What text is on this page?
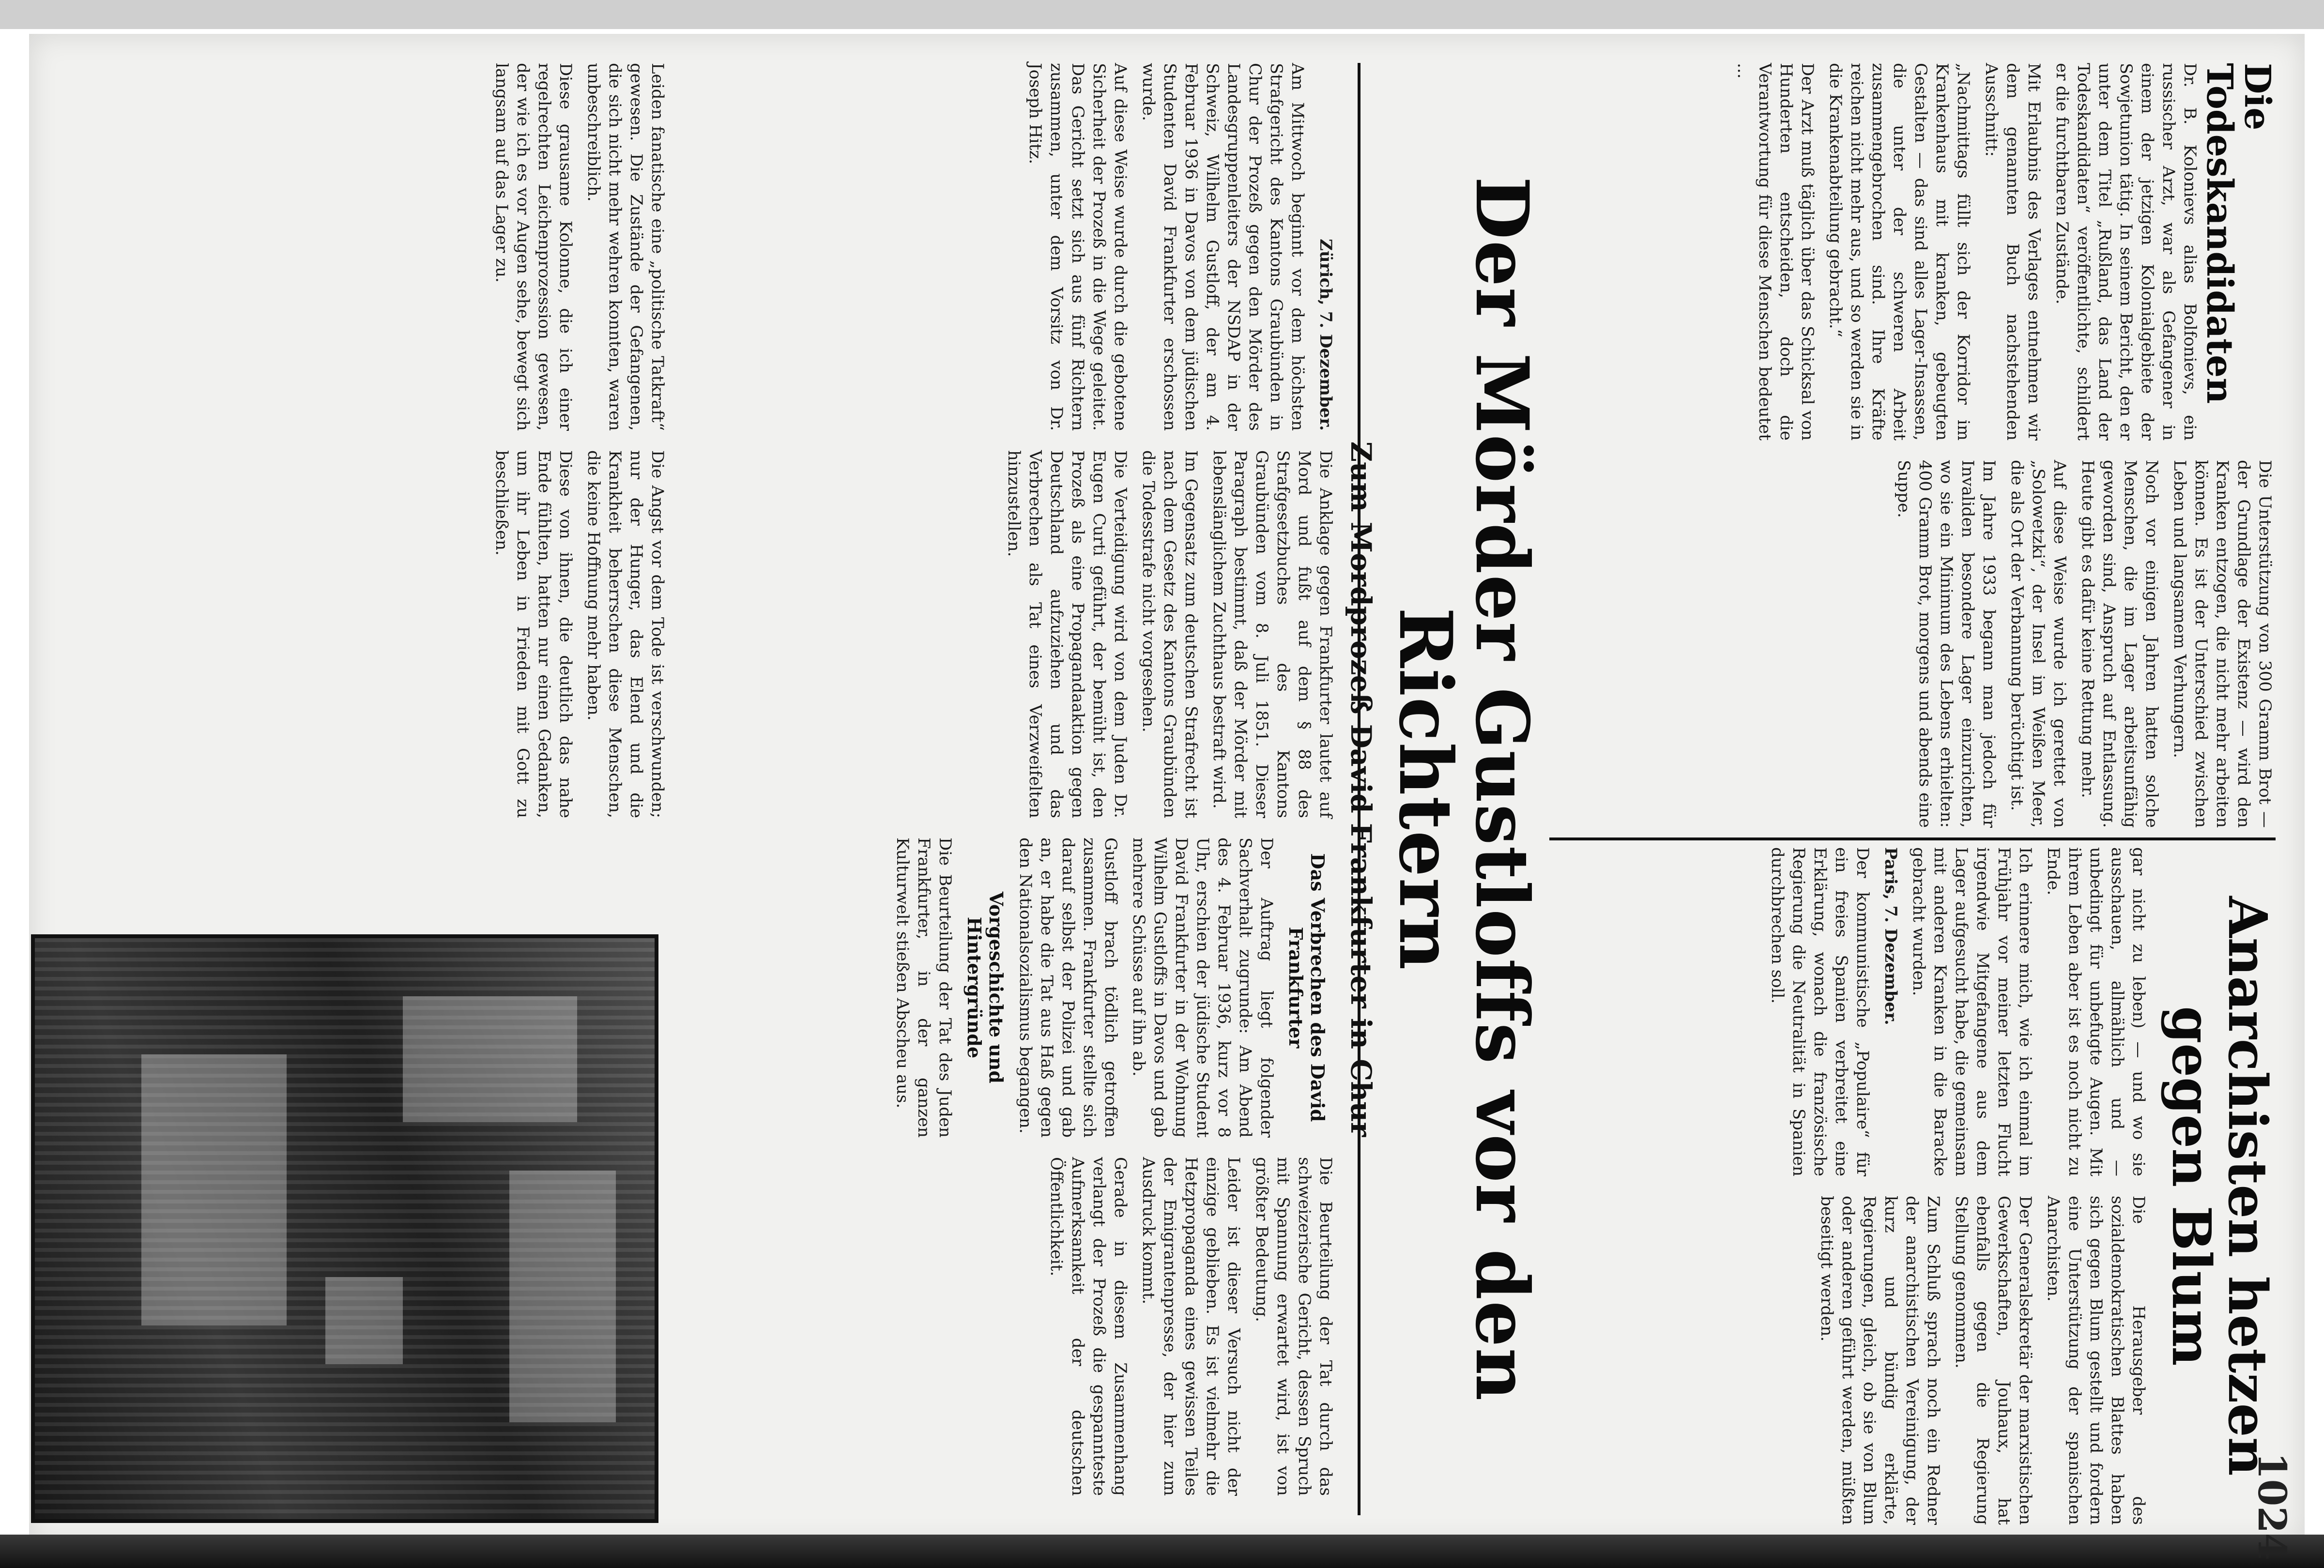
1024
Die Todeskandidaten

Dr. B. Kolonievs alias Bolfonievs, ein russischer Arzt, war als Gefangener in einem der jetzigen Kolonialgebiete der Sowjetunion tätig. In seinem Bericht, den er unter dem Titel „Rußland, das Land der Todeskandidaten“ veröffentlichte, schildert er die furchtbaren Zustände.

Mit Erlaubnis des Verlages entnehmen wir dem genannten Buch nachstehenden Ausschnitt:

„Nachmittags füllt sich der Korridor im Krankenhaus mit kranken, gebeugten Gestalten — das sind alles Lager-Insassen, die unter der schweren Arbeit zusammengebrochen sind. Ihre Kräfte reichen nicht mehr aus, und so werden sie in die Krankenabteilung gebracht.“

Der Arzt muß täglich über das Schicksal von Hunderten entscheiden, doch die Verantwortung für diese Menschen bedeutet ...

Die Unterstützung von 300 Gramm Brot — der Grundlage der Existenz — wird den Kranken entzogen, die nicht mehr arbeiten können. Es ist der Unterschied zwischen Leben und langsamem Verhungern.

Noch vor einigen Jahren hatten solche Menschen, die im Lager arbeitsunfähig geworden sind, Anspruch auf Entlassung. Heute gibt es dafür keine Rettung mehr.

Auf diese Weise wurde ich gerettet von „Solowetzki“, der Insel im Weißen Meer, die als Ort der Verbannung berüchtigt ist.

Im Jahre 1933 begann man jedoch für Invaliden besondere Lager einzurichten, wo sie ein Minimum des Lebens erhielten: 400 Gramm Brot, morgens und abends eine Suppe.

Anarchisten hetzen gegen Blum

gar nicht zu leben) — und wo sie ausschauen, allmählich und — unbedingt für unbefugte Augen. Mit ihrem Leben aber ist es noch nicht zu Ende.

Ich erinnere mich, wie ich einmal im Frühjahr vor meiner letzten Flucht irgendwie Mitgefangene aus dem Lager aufgesucht habe, die gemeinsam mit anderen Kranken in die Baracke gebracht wurden.

Paris, 7. Dezember.

Der kommunistische „Populaire“ für ein freies Spanien verbreitet eine Erklärung, wonach die französische Regierung die Neutralität in Spanien durchbrechen soll.

Die Herausgeber des sozialdemokratischen Blattes haben sich gegen Blum gestellt und fordern eine Unterstützung der spanischen Anarchisten.

Der Generalsekretär der marxistischen Gewerkschaften, Jouhaux, hat ebenfalls gegen die Regierung Stellung genommen.

Zum Schluß sprach noch ein Redner der anarchistischen Vereinigung, der kurz und bündig erklärte, Regierungen, gleich, ob sie von Blum oder anderen geführt werden, müßten beseitigt werden.

Der Mörder Gustloffs vor den Richtern
Zum Mordprozeß David Frankfurter in Chur

Zürich, 7. Dezember.

Am Mittwoch beginnt vor dem höchsten Strafgericht des Kantons Graubünden in Chur der Prozeß gegen den Mörder des Landesgruppenleiters der NSDAP in der Schweiz, Wilhelm Gustloff, der am 4. Februar 1936 in Davos von dem jüdischen Studenten David Frankfurter erschossen wurde.

Auf diese Weise wurde durch die gebotene Sicherheit der Prozeß in die Wege geleitet. Das Gericht setzt sich aus fünf Richtern zusammen, unter dem Vorsitz von Dr. Joseph Hitz.

Die Anklage gegen Frankfurter lautet auf Mord und fußt auf dem § 88 des Strafgesetzbuches des Kantons Graubünden vom 8. Juli 1851. Dieser Paragraph bestimmt, daß der Mörder mit lebenslänglichem Zuchthaus bestraft wird.

Im Gegensatz zum deutschen Strafrecht ist nach dem Gesetz des Kantons Graubünden die Todesstrafe nicht vorgesehen.

Die Verteidigung wird von dem Juden Dr. Eugen Curti geführt, der bemüht ist, den Prozeß als eine Propagandaaktion gegen Deutschland aufzuziehen und das Verbrechen als Tat eines Verzweifelten hinzustellen.

Das Verbrechen des David Frankfurter

Der Auftrag liegt folgender Sachverhalt zugrunde: Am Abend des 4. Februar 1936, kurz vor 8 Uhr, erschien der jüdische Student David Frankfurter in der Wohnung Wilhelm Gustloffs in Davos und gab mehrere Schüsse auf ihn ab.

Gustloff brach tödlich getroffen zusammen. Frankfurter stellte sich darauf selbst der Polizei und gab an, er habe die Tat aus Haß gegen den Nationalsozialismus begangen.

Vorgeschichte und Hintergründe

Die Beurteilung der Tat des Juden Frankfurter, in der ganzen Kulturwelt stießen Abscheu aus.

Die Beurteilung der Tat durch das schweizerische Gericht, dessen Spruch mit Spannung erwartet wird, ist von größter Bedeutung.

Leider ist dieser Versuch nicht der einzige geblieben. Es ist vielmehr die Hetzpropaganda eines gewissen Teiles der Emigrantenpresse, der hier zum Ausdruck kommt.

Gerade in diesem Zusammenhang verlangt der Prozeß die gespannteste Aufmerksamkeit der deutschen Öffentlichkeit.

Leiden fanatische eine „politische Tatkraft“ gewesen. Die Zustände der Gefangenen, die sich nicht mehr wehren konnten, waren unbeschreiblich.

Diese grausame Kolonne, die ich einer regelrechten Leichenprozession gewesen, der wie ich es vor Augen sehe, bewegt sich langsam auf das Lager zu.

Die Angst vor dem Tode ist verschwunden; nur der Hunger, das Elend und die Krankheit beherrschen diese Menschen, die keine Hoffnung mehr haben.

Diese von ihnen, die deutlich das nahe Ende fühlten, hatten nur einen Gedanken, um ihr Leben in Frieden mit Gott zu beschließen.
